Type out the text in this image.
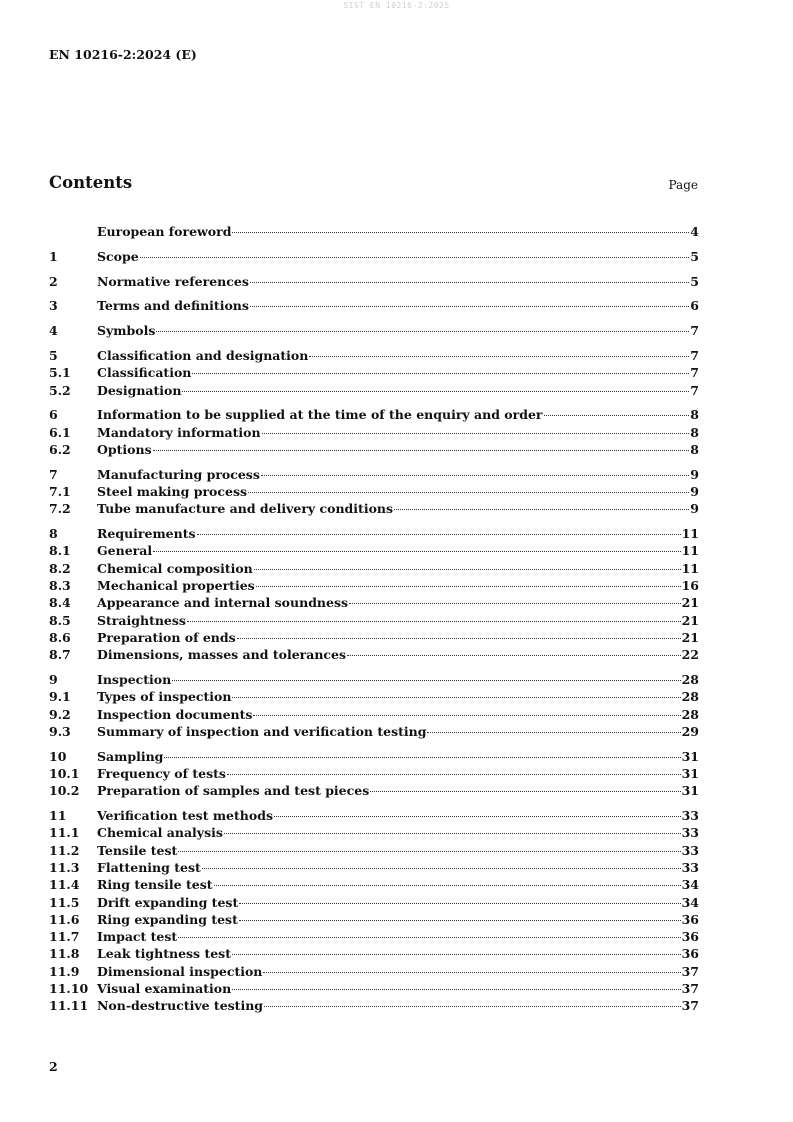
SIST EN 10216-2:2025
EN 10216-2:2024 (E)
Contents	Page
European foreword	4
1	Scope	5
2	Normative references	5
3	Terms and definitions	6
4	Symbols	7
5	Classification and designation	7
5.1	Classification	7
5.2	Designation	7
6	Information to be supplied at the time of the enquiry and order	8
6.1	Mandatory information	8
6.2	Options	8
7	Manufacturing process	9
7.1	Steel making process	9
7.2	Tube manufacture and delivery conditions	9
8	Requirements	11
8.1	General	11
8.2	Chemical composition	11
8.3	Mechanical properties	16
8.4	Appearance and internal soundness	21
8.5	Straightness	21
8.6	Preparation of ends	21
8.7	Dimensions, masses and tolerances	22
9	Inspection	28
9.1	Types of inspection	28
9.2	Inspection documents	28
9.3	Summary of inspection and verification testing	29
10	Sampling	31
10.1	Frequency of tests	31
10.2	Preparation of samples and test pieces	31
11	Verification test methods	33
11.1	Chemical analysis	33
11.2	Tensile test	33
11.3	Flattening test	33
11.4	Ring tensile test	34
11.5	Drift expanding test	34
11.6	Ring expanding test	36
11.7	Impact test	36
11.8	Leak tightness test	36
11.9	Dimensional inspection	37
11.10 Visual examination	37
11.11 Non-destructive testing	37
2
